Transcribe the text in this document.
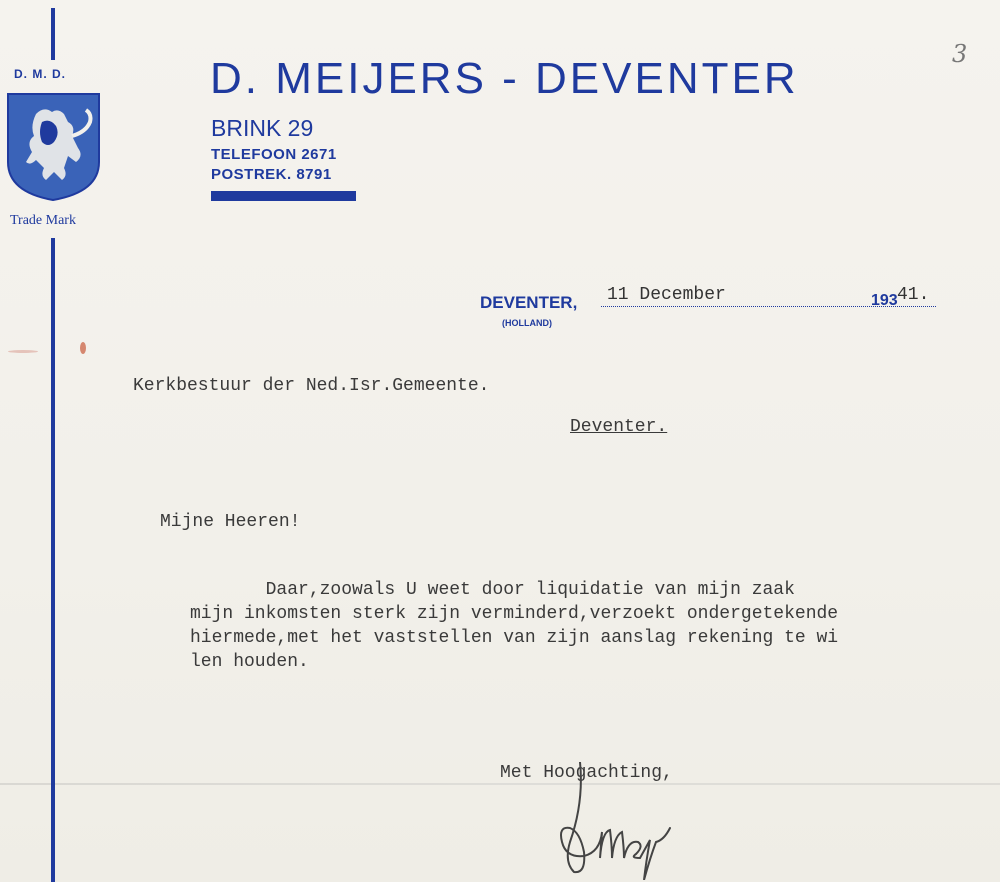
D. M. D.
Trade Mark
D. MEIJERS - DEVENTER
BRINK 29
TELEFOON 2671
POSTREK. 8791
3
DEVENTER,
(HOLLAND)
11 December	193 41.
Kerkbestuur der Ned.Isr.Gemeente.
Deventer.
Mijne Heeren!
Daar,zoowals U weet door liquidatie van mijn zaak
mijn inkomsten sterk zijn verminderd,verzoekt ondergetekende
hiermede,met het vaststellen van zijn aanslag rekening te wi
len houden.
Met Hoogachting,
